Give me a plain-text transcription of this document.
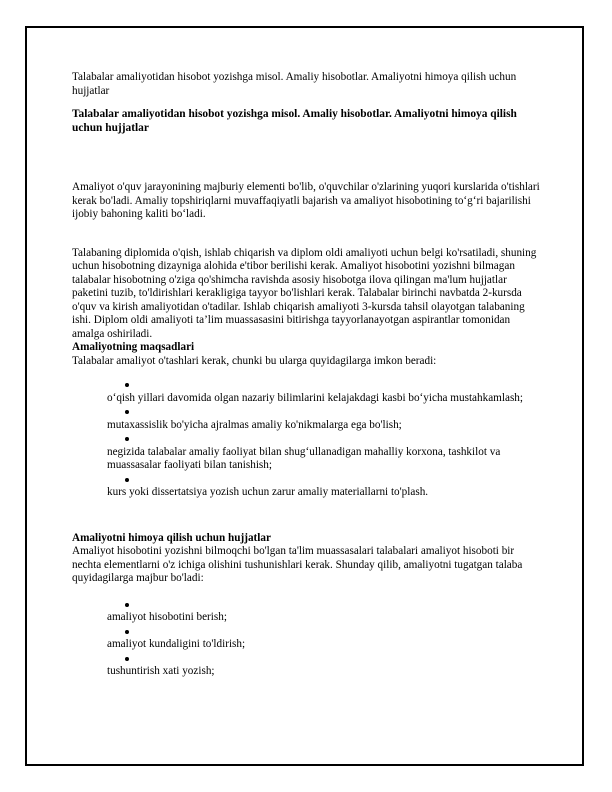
Talabalar amaliyotidan hisobot yozishga misol. Amaliy hisobotlar. Amaliyotni himoya qilish uchun hujjatlar

Talabalar amaliyotidan hisobot yozishga misol. Amaliy hisobotlar. Amaliyotni himoya qilish uchun hujjatlar

Amaliyot o'quv jarayonining majburiy elementi bo'lib, o'quvchilar o'zlarining yuqori kurslarida o'tishlari kerak bo'ladi. Amaliy topshiriqlarni muvaffaqiyatli bajarish va amaliyot hisobotining to‘g‘ri bajarilishi ijobiy bahoning kaliti bo‘ladi.

Talabaning diplomida o'qish, ishlab chiqarish va diplom oldi amaliyoti uchun belgi ko'rsatiladi, shuning uchun hisobotning dizayniga alohida e'tibor berilishi kerak. Amaliyot hisobotini yozishni bilmagan talabalar hisobotning o'ziga qo'shimcha ravishda asosiy hisobotga ilova qilingan ma'lum hujjatlar paketini tuzib, to'ldirishlari kerakligiga tayyor bo'lishlari kerak. Talabalar birinchi navbatda 2-kursda o'quv va kirish amaliyotidan o'tadilar. Ishlab chiqarish amaliyoti 3-kursda tahsil olayotgan talabaning ishi. Diplom oldi amaliyoti ta’lim muassasasini bitirishga tayyorlanayotgan aspirantlar tomonidan amalga oshiriladi.

Amaliyotning maqsadlari

Talabalar amaliyot o'tashlari kerak, chunki bu ularga quyidagilarga imkon beradi:

o‘qish yillari davomida olgan nazariy bilimlarini kelajakdagi kasbi bo‘yicha mustahkamlash;
mutaxassislik bo'yicha ajralmas amaliy ko'nikmalarga ega bo'lish;
negizida talabalar amaliy faoliyat bilan shug‘ullanadigan mahalliy korxona, tashkilot va muassasalar faoliyati bilan tanishish;
kurs yoki dissertatsiya yozish uchun zarur amaliy materiallarni to'plash.

Amaliyotni himoya qilish uchun hujjatlar

Amaliyot hisobotini yozishni bilmoqchi bo'lgan ta'lim muassasalari talabalari amaliyot hisoboti bir nechta elementlarni o'z ichiga olishini tushunishlari kerak. Shunday qilib, amaliyotni tugatgan talaba quyidagilarga majbur bo'ladi:

amaliyot hisobotini berish;
amaliyot kundaligini to'ldirish;
tushuntirish xati yozish;
